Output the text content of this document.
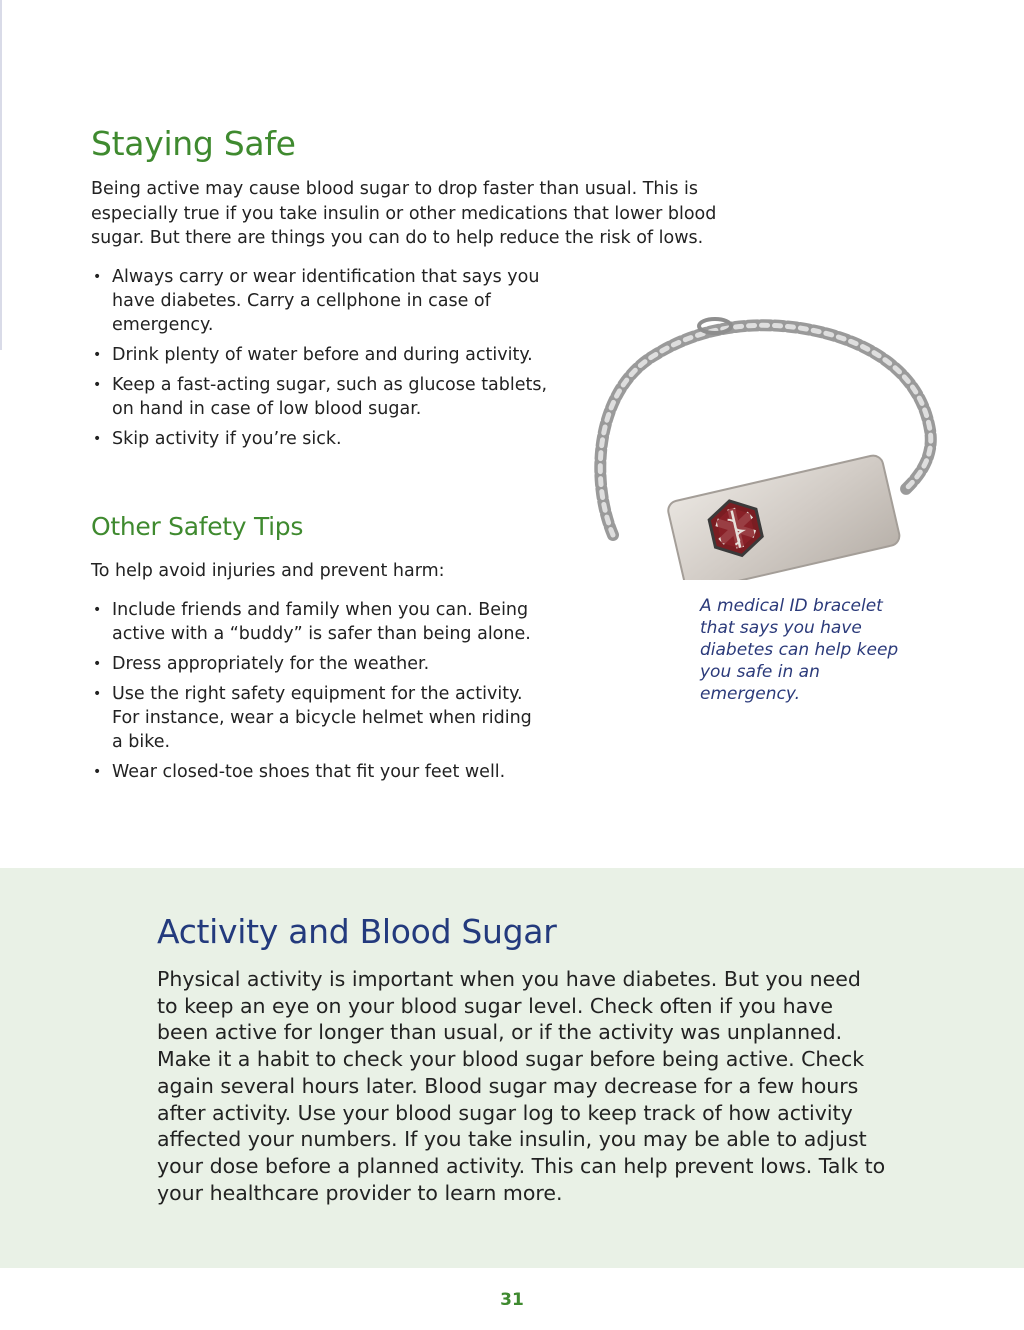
Staying Safe

Being active may cause blood sugar to drop faster than usual. This is especially true if you take insulin or other medications that lower blood sugar. But there are things you can do to help reduce the risk of lows.

• Always carry or wear identification that says you have diabetes. Carry a cellphone in case of emergency.
• Drink plenty of water before and during activity.
• Keep a fast-acting sugar, such as glucose tablets, on hand in case of low blood sugar.
• Skip activity if you’re sick.
Other Safety Tips

To help avoid injuries and prevent harm:

• Include friends and family when you can. Being active with a “buddy” is safer than being alone.
• Dress appropriately for the weather.
• Use the right safety equipment for the activity. For instance, wear a bicycle helmet when riding a bike.
• Wear closed-toe shoes that fit your feet well.

A medical ID bracelet that says you have diabetes can help keep you safe in an emergency.

Activity and Blood Sugar

Physical activity is important when you have diabetes. But you need to keep an eye on your blood sugar level. Check often if you have been active for longer than usual, or if the activity was unplanned. Make it a habit to check your blood sugar before being active. Check again several hours later. Blood sugar may decrease for a few hours after activity. Use your blood sugar log to keep track of how activity affected your numbers. If you take insulin, you may be able to adjust your dose before a planned activity. This can help prevent lows. Talk to your healthcare provider to learn more.

31
